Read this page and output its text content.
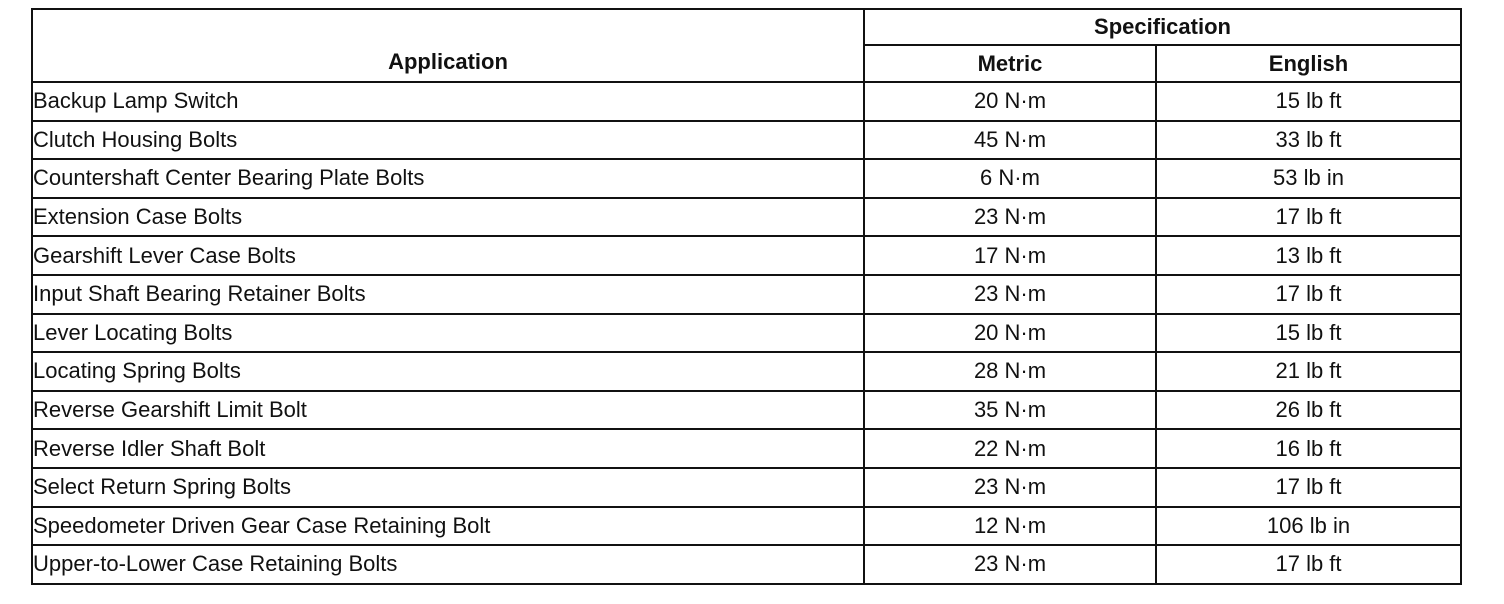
Application	Specification	
	Metric	English
Backup Lamp Switch	20 N·m	15 lb ft
Clutch Housing Bolts	45 N·m	33 lb ft
Countershaft Center Bearing Plate Bolts	6 N·m	53 lb in
Extension Case Bolts	23 N·m	17 lb ft
Gearshift Lever Case Bolts	17 N·m	13 lb ft
Input Shaft Bearing Retainer Bolts	23 N·m	17 lb ft
Lever Locating Bolts	20 N·m	15 lb ft
Locating Spring Bolts	28 N·m	21 lb ft
Reverse Gearshift Limit Bolt	35 N·m	26 lb ft
Reverse Idler Shaft Bolt	22 N·m	16 lb ft
Select Return Spring Bolts	23 N·m	17 lb ft
Speedometer Driven Gear Case Retaining Bolt	12 N·m	106 lb in
Upper-to-Lower Case Retaining Bolts	23 N·m	17 lb ft
